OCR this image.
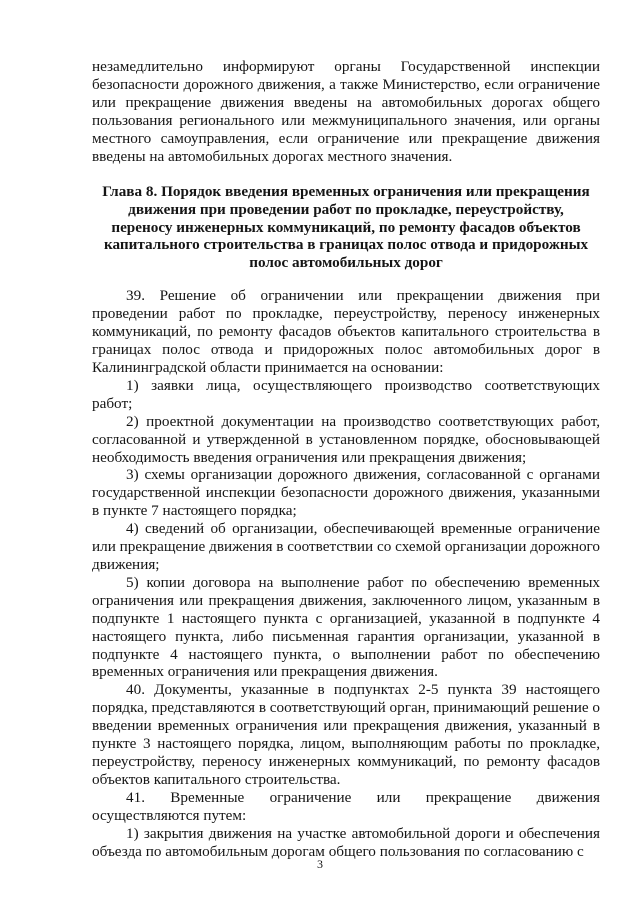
незамедлительно информируют органы Государственной инспекции безопасности дорожного движения, а также Министерство, если ограничение или прекращение движения введены на автомобильных дорогах общего пользования регионального или межмуниципального значения, или органы местного самоуправления, если ограничение или прекращение движения введены на автомобильных дорогах местного значения.

Глава 8. Порядок введения временных ограничения или прекращения движения при проведении работ по прокладке, переустройству, переносу инженерных коммуникаций, по ремонту фасадов объектов капитального строительства в границах полос отвода и придорожных полос автомобильных дорог

39. Решение об ограничении или прекращении движения при проведении работ по прокладке, переустройству, переносу инженерных коммуникаций, по ремонту фасадов объектов капитального строительства в границах полос отвода и придорожных полос автомобильных дорог в Калининградской области принимается на основании:

1) заявки лица, осуществляющего производство соответствующих работ;

2) проектной документации на производство соответствующих работ, согласованной и утвержденной в установленном порядке, обосновывающей необходимость введения ограничения или прекращения движения;

3) схемы организации дорожного движения, согласованной с органами государственной инспекции безопасности дорожного движения, указанными в пункте 7 настоящего порядка;

4) сведений об организации, обеспечивающей временные ограничение или прекращение движения в соответствии со схемой организации дорожного движения;

5) копии договора на выполнение работ по обеспечению временных ограничения или прекращения движения, заключенного лицом, указанным в подпункте 1 настоящего пункта с организацией, указанной в подпункте 4 настоящего пункта, либо письменная гарантия организации, указанной в подпункте 4 настоящего пункта, о выполнении работ по обеспечению временных ограничения или прекращения движения.

40. Документы, указанные в подпунктах 2-5 пункта 39 настоящего порядка, представляются в соответствующий орган, принимающий решение о введении временных ограничения или прекращения движения, указанный в пункте 3 настоящего порядка, лицом, выполняющим работы по прокладке, переустройству, переносу инженерных коммуникаций, по ремонту фасадов объектов капитального строительства.

41. Временные ограничение или прекращение движения осуществляются путем:

1) закрытия движения на участке автомобильной дороги и обеспечения объезда по автомобильным дорогам общего пользования по согласованию с

3
